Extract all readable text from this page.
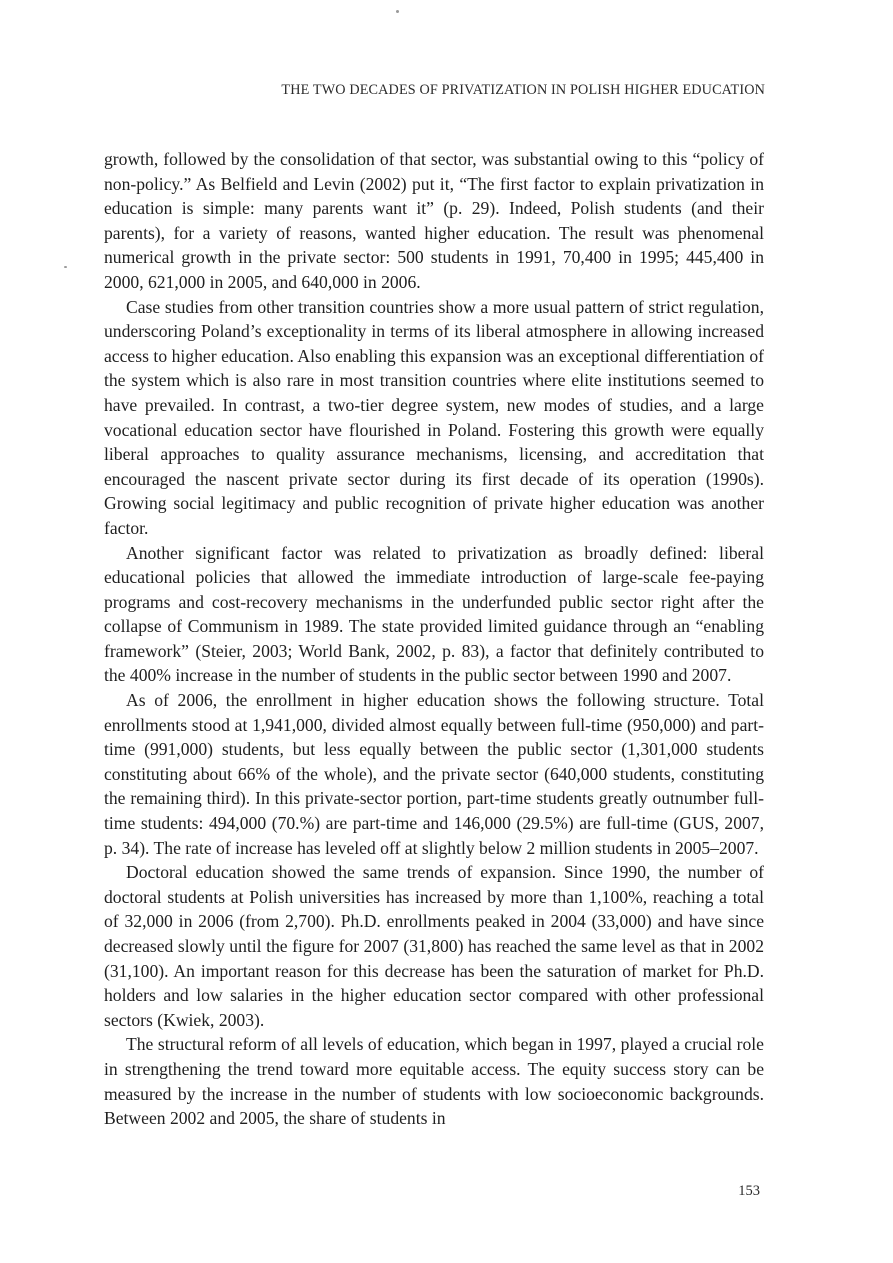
THE TWO DECADES OF PRIVATIZATION IN POLISH HIGHER EDUCATION

growth, followed by the consolidation of that sector, was substantial owing to this “policy of non-policy.” As Belfield and Levin (2002) put it, “The first factor to explain privatization in education is simple: many parents want it” (p. 29). Indeed, Polish students (and their parents), for a variety of reasons, wanted higher education. The result was phenomenal numerical growth in the private sector: 500 students in 1991, 70,400 in 1995; 445,400 in 2000, 621,000 in 2005, and 640,000 in 2006.

Case studies from other transition countries show a more usual pattern of strict regulation, underscoring Poland’s exceptionality in terms of its liberal atmosphere in allowing increased access to higher education. Also enabling this expansion was an exceptional differentiation of the system which is also rare in most transition countries where elite institutions seemed to have prevailed. In contrast, a two-tier degree system, new modes of studies, and a large vocational education sector have flourished in Poland. Fostering this growth were equally liberal approaches to quality assurance mechanisms, licensing, and accreditation that encouraged the nascent private sector during its first decade of its operation (1990s). Growing social legitimacy and public recognition of private higher education was another factor.

Another significant factor was related to privatization as broadly defined: liberal educational policies that allowed the immediate introduction of large-scale fee-paying programs and cost-recovery mechanisms in the underfunded public sector right after the collapse of Communism in 1989. The state provided limited guidance through an “enabling framework” (Steier, 2003; World Bank, 2002, p. 83), a factor that definitely contributed to the 400% increase in the number of students in the public sector between 1990 and 2007.

As of 2006, the enrollment in higher education shows the following structure. Total enrollments stood at 1,941,000, divided almost equally between full-time (950,000) and part-time (991,000) students, but less equally between the public sector (1,301,000 students constituting about 66% of the whole), and the private sector (640,000 students, constituting the remaining third). In this private-sector portion, part-time students greatly outnumber full-time students: 494,000 (70.%) are part-time and 146,000 (29.5%) are full-time (GUS, 2007, p. 34). The rate of increase has leveled off at slightly below 2 million students in 2005–2007.

Doctoral education showed the same trends of expansion. Since 1990, the number of doctoral students at Polish universities has increased by more than 1,100%, reaching a total of 32,000 in 2006 (from 2,700). Ph.D. enrollments peaked in 2004 (33,000) and have since decreased slowly until the figure for 2007 (31,800) has reached the same level as that in 2002 (31,100). An important reason for this decrease has been the saturation of market for Ph.D. holders and low salaries in the higher education sector compared with other professional sectors (Kwiek, 2003).

The structural reform of all levels of education, which began in 1997, played a crucial role in strengthening the trend toward more equitable access. The equity success story can be measured by the increase in the number of students with low socioeconomic backgrounds. Between 2002 and 2005, the share of students in

153
